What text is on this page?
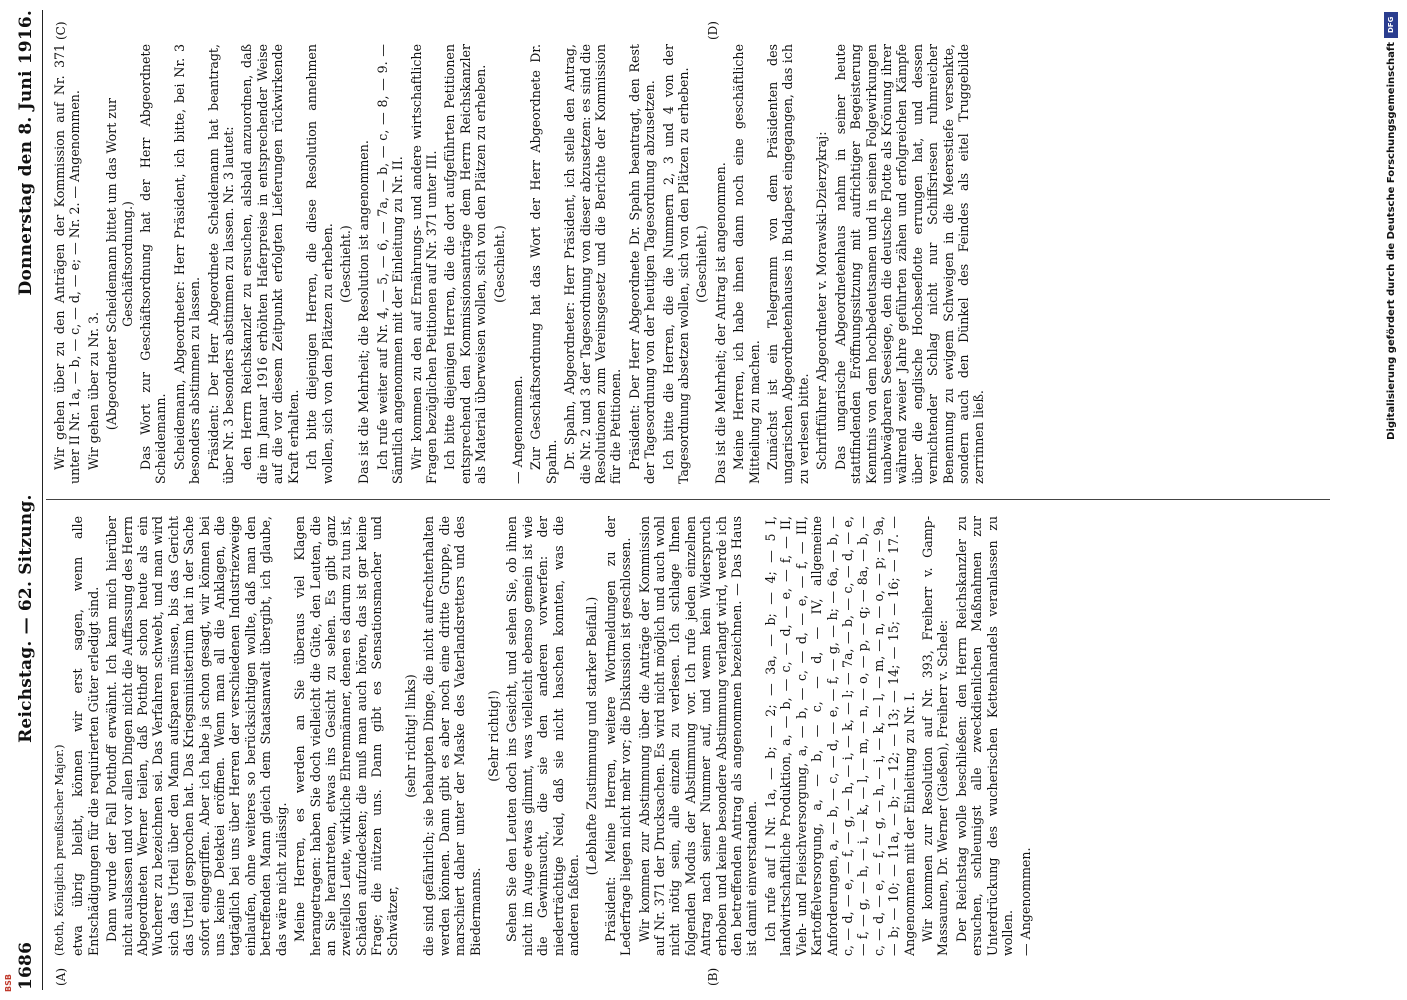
1686
Reichstag. — 62. Sitzung.
Donnerstag den 8. Juni 1916.
(A)	(B)
(C)	(D)

(Roth, Königlich preußischer Major.) etwa übrig bleibt, können wir erst sagen, wenn alle Entschädigungen für die requirierten Güter erledigt sind. Dann wurde der Fall Potthoff erwähnt. Ich kann mich hierüber nicht auslassen und vor allen Dingen nicht die Auffassung des Herrn Abgeordneten Werner teilen, daß Potthoff schon heute als ein Wucherer zu bezeichnen sei. Das Verfahren schwebt, und man wird sich das Urteil über den Mann aufsparen müssen, bis das Gericht das Urteil gesprochen hat. Das Kriegsministerium hat in der Sache sofort eingegriffen. Aber ich habe ja schon gesagt, wir können bei uns keine Detektei eröffnen. Wenn man all die Anklagen, die tagtäglich bei uns über Herren der verschiedenen Industriezweige einlaufen, ohne weiteres so berücksichtigen wollte, daß man den betreffenden Mann gleich dem Staatsanwalt übergibt, ich glaube, das wäre nicht zulässig. Meine Herren, es werden an Sie überaus viel Klagen herangetragen: haben Sie doch vielleicht die Güte, den Leuten, die an Sie herantreten, etwas ins Gesicht zu sehen. Es gibt ganz zweifellos Leute, wirkliche Ehrenmänner, denen es darum zu tun ist, Schäden aufzudecken; die muß man auch hören, das ist gar keine Frage; die nützen uns. Dann gibt es Sensationsmacher und Schwätzer,

(sehr richtig! links) die sind gefährlich; sie behaupten Dinge, die nicht aufrechterhalten werden können. Dann gibt es aber noch eine dritte Gruppe, die marschiert daher unter der Maske des Vaterlandsretters und des Biedermanns.

(Sehr richtig!) Sehen Sie den Leuten doch ins Gesicht, und sehen Sie, ob ihnen nicht im Auge etwas glimmt, was vielleicht ebenso gemein ist wie die Gewinnsucht, die sie den anderen vorwerfen: der niederträchtige Neid, daß sie nicht haschen konnten, was die anderen faßten.

(Lebhafte Zustimmung und starker Beifall.) Präsident: Meine Herren, weitere Wortmeldungen zu der Lederfrage liegen nicht mehr vor; die Diskussion ist geschlossen. Wir kommen zur Abstimmung über die Anträge der Kommission auf Nr. 371 der Drucksachen. Es wird nicht möglich und auch wohl nicht nötig sein, alle einzeln zu verlesen. Ich schlage Ihnen folgenden Modus der Abstimmung vor. Ich rufe jeden einzelnen Antrag nach seiner Nummer auf, und wenn kein Widerspruch erhoben und keine besondere Abstimmung verlangt wird, werde ich den betreffenden Antrag als angenommen bezeichnen. — Das Haus ist damit einverstanden. Ich rufe auf I Nr. 1a, — b; — 2; — 3a, — b; — 4; — 5 I, landwirtschaftliche Produktion, a, — b, — c, — d, — e, — f, — II, Vieh- und Fleischversorgung, a, — b, — c, — d, — e, — f, — III, Kartoffelversorgung, a, — b, — c, — d, — IV, allgemeine Anforderungen, a, — b, — c, — d, — e, — f, — g, — h; — 6a, — b, — c, — d, — e, — f, — g, — h, — i, — k, — l; — 7a, — b, — c, — d, — e, — f, — g, — h, — i, — k, — l, — m, — n, — o, — p, — q; — 8a, — b, — c, — d, — e, — f, — g, — h, — i, — k, — l, — m, — n, — o, — p; — 9a, — b; — 10; — 11a, — b; — 12; — 13; — 14; — 15; — 16; — 17. — Angenommen mit der Einleitung zu Nr. I. Wir kommen zur Resolution auf Nr. 393, Freiherr v. Gamp-Massaunen, Dr. Werner (Gießen), Freiherr v. Schele: Der Reichstag wolle beschließen: den Herrn Reichskanzler zu ersuchen, schleunigst alle zweckdienlichen Maßnahmen zur Unterdrückung des wucherischen Kettenhandels veranlassen zu wollen. — Angenommen.

Wir gehen über zu den Anträgen der Kommission auf Nr. 371 unter II Nr. 1a, — b, — c, — d, — e; — Nr. 2. — Angenommen. Wir gehen über zu Nr. 3. (Abgeordneter Scheidemann bittet um das Wort zur Geschäftsordnung.) Das Wort zur Geschäftsordnung hat der Herr Abgeordnete Scheidemann. Scheidemann, Abgeordneter: Herr Präsident, ich bitte, bei Nr. 3 besonders abstimmen zu lassen. Präsident: Der Herr Abgeordnete Scheidemann hat beantragt, über Nr. 3 besonders abstimmen zu lassen. Nr. 3 lautet: den Herrn Reichskanzler zu ersuchen, alsbald anzuordnen, daß die im Januar 1916 erhöhten Haferpreise in entsprechender Weise auf die vor diesem Zeitpunkt erfolgten Lieferungen rückwirkende Kraft erhalten. Ich bitte diejenigen Herren, die diese Resolution annehmen wollen, sich von den Plätzen zu erheben. (Geschieht.) Das ist die Mehrheit; die Resolution ist angenommen. Ich rufe weiter auf Nr. 4, — 5, — 6, — 7a, — b, — c, — 8, — 9. — Sämtlich angenommen mit der Einleitung zu Nr. II. Wir kommen zu den auf Ernährungs- und andere wirtschaftliche Fragen bezüglichen Petitionen auf Nr. 371 unter III. Ich bitte diejenigen Herren, die die dort aufgeführten Petitionen entsprechend den Kommissionsanträge dem Herrn Reichskanzler als Material überweisen wollen, sich von den Plätzen zu erheben. (Geschieht.)

— Angenommen. Zur Geschäftsordnung hat das Wort der Herr Abgeordnete Dr. Spahn. Dr. Spahn, Abgeordneter: Herr Präsident, ich stelle den Antrag, die Nr. 2 und 3 der Tagesordnung von dieser abzusetzen: es sind die Resolutionen zum Vereinsgesetz und die Berichte der Kommission für die Petitionen. Präsident: Der Herr Abgeordnete Dr. Spahn beantragt, den Rest der Tagesordnung von der heutigen Tagesordnung abzusetzen. Ich bitte die Herren, die die Nummern 2, 3 und 4 von der Tagesordnung absetzen wollen, sich von den Plätzen zu erheben. (Geschieht.) Das ist die Mehrheit; der Antrag ist angenommen. Meine Herren, ich habe ihnen dann noch eine geschäftliche Mitteilung zu machen. Zunächst ist ein Telegramm von dem Präsidenten des ungarischen Abgeordnetenhauses in Budapest eingegangen, das ich zu verlesen bitte. Schriftführer Abgeordneter v. Morawski-Dzierzykraj: Das ungarische Abgeordnetenhaus nahm in seiner heute stattfindenden Eröffnungssitzung mit aufrichtiger Begeisterung Kenntnis von dem hochbedeutsamen und in seinen Folgewirkungen unabwägbaren Seesiege, den die deutsche Flotte als Krönung ihrer während zweier Jahre geführten zähen und erfolgreichen Kämpfe über die englische Hochseeflotte errungen hat, und dessen vernichtender Schlag nicht nur Schiffsriesen ruhmreicher Benennung zu ewigem Schweigen in die Meerestiefe versenkte, sondern auch den Dünkel des Feindes als eitel Truggebilde zerrinnen ließ.

DFG
Digitalisierung gefördert durch die Deutsche Forschungsgemeinschaft
BSB
